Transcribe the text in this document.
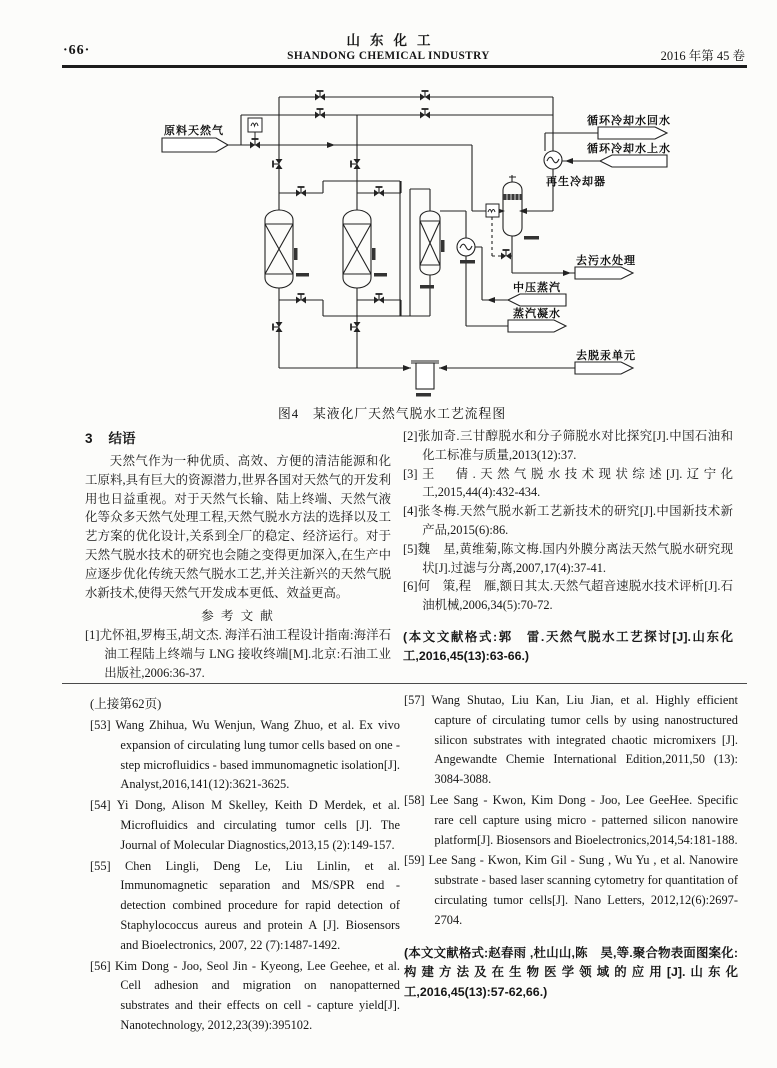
·66·
山东化工
SHANDONG CHEMICAL INDUSTRY	2016 年第 45 卷
原料天然气
循环冷却水回水
循环冷却水上水
再生冷却器
去污水处理
中压蒸汽
蒸汽凝水
去脱汞单元
图4　某液化厂天然气脱水工艺流程图
3 结语

天然气作为一种优质、高效、方便的清洁能源和化工原料,具有巨大的资源潜力,世界各国对天然气的开发利用也日益重视。对于天然气长输、陆上终端、天然气液化等众多天然气处理工程,天然气脱水方法的选择以及工艺方案的优化设计,关系到全厂的稳定、经济运行。对于天然气脱水技术的研究也会随之变得更加深入,在生产中应逐步优化传统天然气脱水工艺,并关注新兴的天然气脱水新技术,使得天然气开发成本更低、效益更高。

参 考 文 献
[1]尤怀祖,罗梅玉,胡文杰. 海洋石油工程设计指南:海洋石油工程陆上终端与 LNG 接收终端[M].北京:石油工业出版社,2006:36-37.
[2]张加奇.三甘醇脱水和分子筛脱水对比探究[J].中国石油和化工标准与质量,2013(12):37.
[3]王　倩.天然气脱水技术现状综述[J].辽宁化工,2015,44(4):432-434.
[4]张冬梅.天然气脱水新工艺新技术的研究[J].中国新技术新产品,2015(6):86.
[5]魏　星,黄维菊,陈文梅.国内外膜分离法天然气脱水研究现状[J].过滤与分离,2007,17(4):37-41.
[6]何　策,程　雁,额日其太.天然气超音速脱水技术评析[J].石油机械,2006,34(5):70-72.
(本文文献格式:郭　雷.天然气脱水工艺探讨[J].山东化工,2016,45(13):63-66.)
(上接第62页)
[53] Wang Zhihua, Wu Wenjun, Wang Zhuo, et al. Ex vivo expansion of circulating lung tumor cells based on one - step microfluidics - based immunomagnetic isolation[J]. Analyst,2016,141(12):3621-3625.
[54] Yi Dong, Alison M Skelley, Keith D Merdek, et al. Microfluidics and circulating tumor cells [J]. The Journal of Molecular Diagnostics,2013,15 (2):149-157.
[55] Chen Lingli, Deng Le, Liu Linlin, et al. Immunomagnetic separation and MS/SPR end - detection combined procedure for rapid detection of Staphylococcus aureus and protein A [J]. Biosensors and Bioelectronics, 2007, 22 (7):1487-1492.
[56] Kim Dong - Joo, Seol Jin - Kyeong, Lee Geehee, et al. Cell adhesion and migration on nanopatterned substrates and their effects on cell - capture yield[J]. Nanotechnology, 2012,23(39):395102.
[57] Wang Shutao, Liu Kan, Liu Jian, et al. Highly efficient capture of circulating tumor cells by using nanostructured silicon substrates with integrated chaotic micromixers [J]. Angewandte Chemie International Edition,2011,50 (13): 3084-3088.
[58] Lee Sang - Kwon, Kim Dong - Joo, Lee GeeHee. Specific rare cell capture using micro - patterned silicon nanowire platform[J]. Biosensors and Bioelectronics,2014,54:181-188.
[59] Lee Sang - Kwon, Kim Gil - Sung , Wu Yu , et al. Nanowire substrate - based laser scanning cytometry for quantitation of circulating tumor cells[J]. Nano Letters, 2012,12(6):2697-2704.
(本文文献格式:赵春雨 ,杜山山,陈　昊,等.聚合物表面图案化:构建方法及在生物医学领域的应用[J].山东化工,2016,45(13):57-62,66.)
